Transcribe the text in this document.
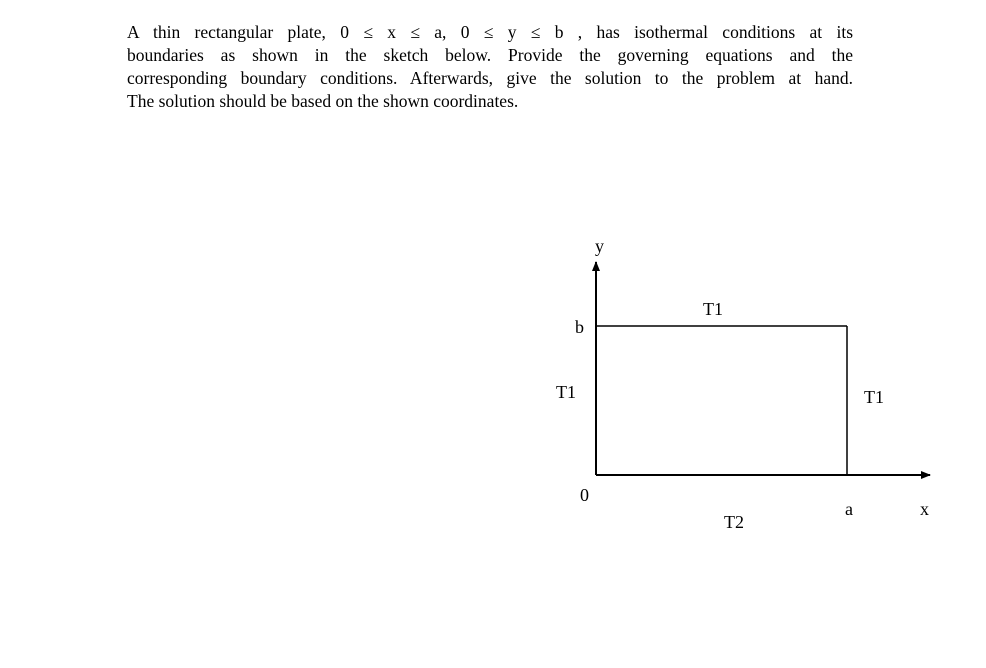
A thin rectangular plate, 0 ≤ x ≤ a, 0 ≤ y ≤ b , has isothermal conditions at its
boundaries as shown in the sketch below. Provide the governing equations and the
corresponding boundary conditions. Afterwards, give the solution to the problem at hand.
The solution should be based on the shown coordinates.
y
T1
b
T1	T1
0
a	x
T2
